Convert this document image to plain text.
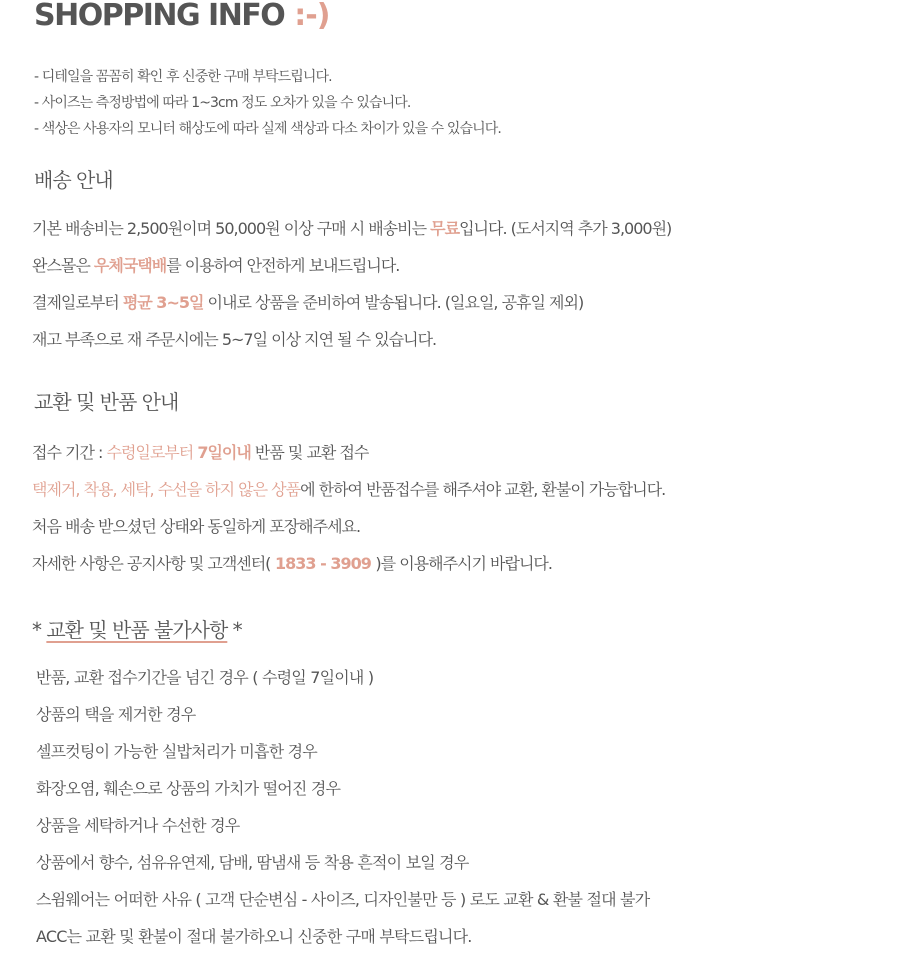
SHOPPING INFO :-)
- 디테일을 꼼꼼히 확인 후 신중한 구매 부탁드립니다.
- 사이즈는 측정방법에 따라 1~3cm 정도 오차가 있을 수 있습니다.
- 색상은 사용자의 모니터 해상도에 따라 실제 색상과 다소 차이가 있을 수 있습니다.
배송 안내
기본 배송비는 2,500원이며 50,000원 이상 구매 시 배송비는 무료입니다. (도서지역 추가 3,000원)
완스몰은 우체국택배를 이용하여 안전하게 보내드립니다.
결제일로부터 평균 3~5일 이내로 상품을 준비하여 발송됩니다. (일요일, 공휴일 제외)
재고 부족으로 재 주문시에는 5~7일 이상 지연 될 수 있습니다.
교환 및 반품 안내
접수 기간 : 수령일로부터 7일이내 반품 및 교환 접수
택제거, 착용, 세탁, 수선을 하지 않은 상품에 한하여 반품접수를 해주셔야 교환, 환불이 가능합니다.
처음 배송 받으셨던 상태와 동일하게 포장해주세요.
자세한 사항은 공지사항 및 고객센터( 1833 - 3909 )를 이용해주시기 바랍니다.
* 교환 및 반품 불가사항 *
반품, 교환 접수기간을 넘긴 경우 ( 수령일 7일이내 )
상품의 택을 제거한 경우
셀프컷팅이 가능한 실밥처리가 미흡한 경우
화장오염, 훼손으로 상품의 가치가 떨어진 경우
상품을 세탁하거나 수선한 경우
상품에서 향수, 섬유유연제, 담배, 땀냄새 등 착용 흔적이 보일 경우
스윔웨어는 어떠한 사유 ( 고객 단순변심 - 사이즈, 디자인불만 등 ) 로도 교환 & 환불 절대 불가
ACC는 교환 및 환불이 절대 불가하오니 신중한 구매 부탁드립니다.
